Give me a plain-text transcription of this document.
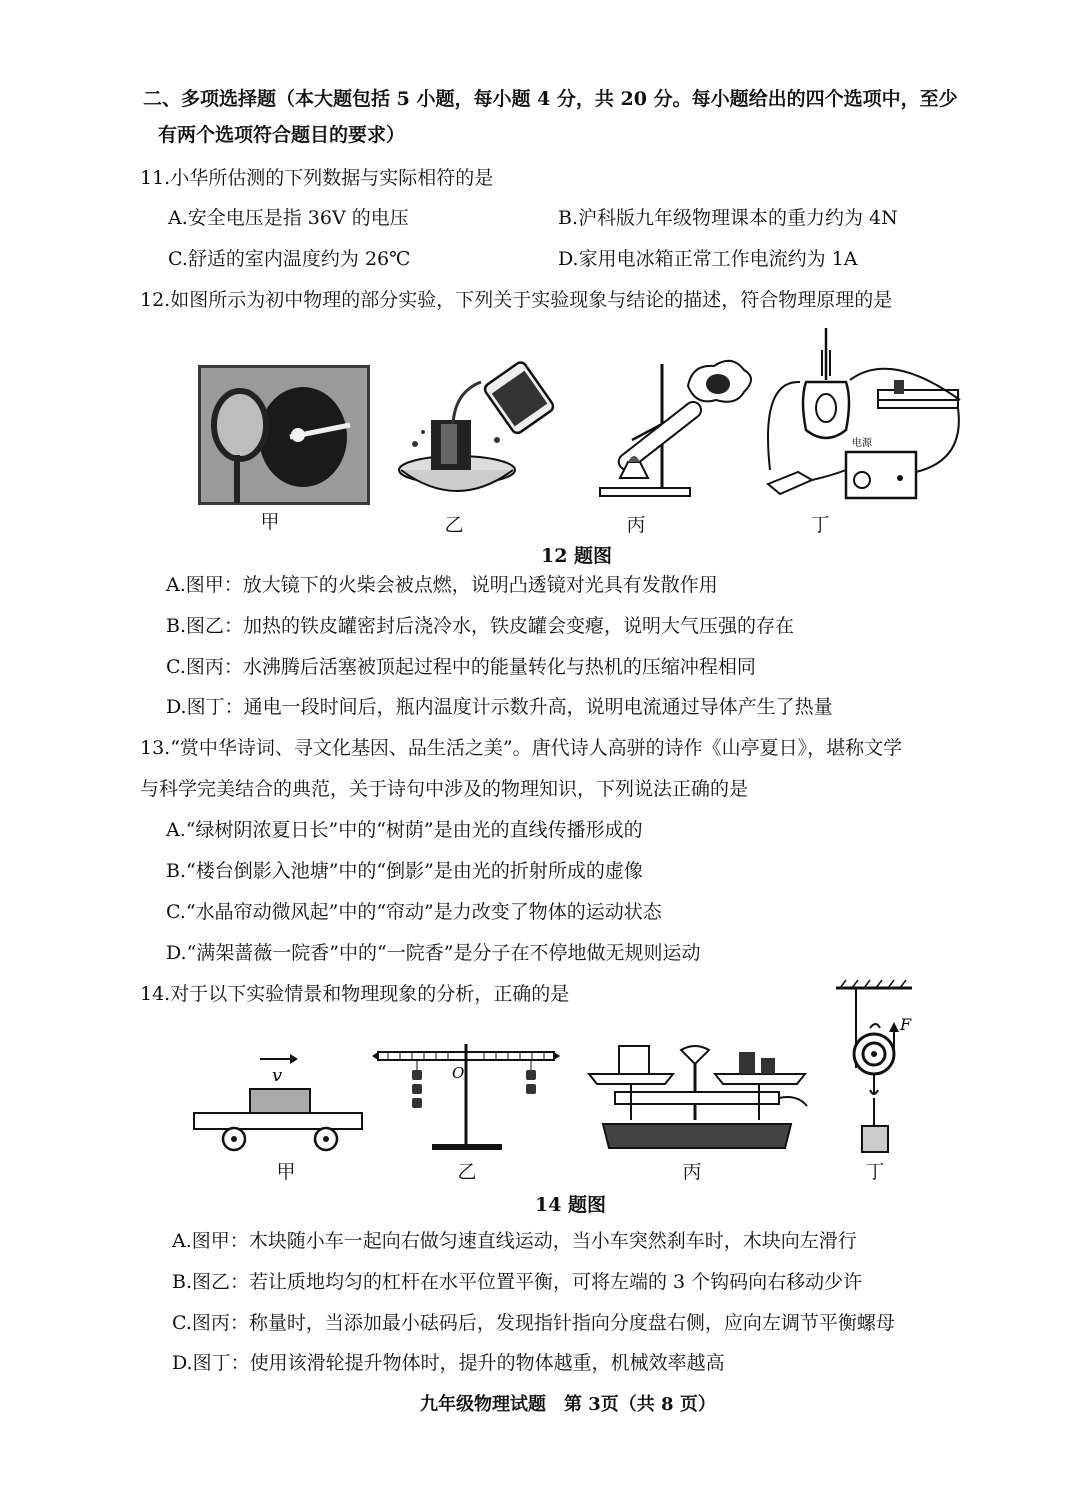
二、多项选择题（本大题包括 5 小题，每小题 4 分，共 20 分。每小题给出的四个选项中，至少
有两个选项符合题目的要求）
11.小华所估测的下列数据与实际相符的是
A.安全电压是指 36V 的电压	B.沪科版九年级物理课本的重力约为 4N
C.舒适的室内温度约为 26℃	D.家用电冰箱正常工作电流约为 1A
12.如图所示为初中物理的部分实验，下列关于实验现象与结论的描述，符合物理原理的是
电源
甲	乙	丙	丁
12 题图
A.图甲：放大镜下的火柴会被点燃，说明凸透镜对光具有发散作用
B.图乙：加热的铁皮罐密封后浇冷水，铁皮罐会变瘪，说明大气压强的存在
C.图丙：水沸腾后活塞被顶起过程中的能量转化与热机的压缩冲程相同
D.图丁：通电一段时间后，瓶内温度计示数升高，说明电流通过导体产生了热量
13.“赏中华诗词、寻文化基因、品生活之美”。唐代诗人高骈的诗作《山亭夏日》，堪称文学
与科学完美结合的典范，关于诗句中涉及的物理知识，下列说法正确的是
A.“绿树阴浓夏日长”中的“树荫”是由光的直线传播形成的
B.“楼台倒影入池塘”中的“倒影”是由光的折射所成的虚像
C.“水晶帘动微风起”中的“帘动”是力改变了物体的运动状态
D.“满架蔷薇一院香”中的“一院香”是分子在不停地做无规则运动
14.对于以下实验情景和物理现象的分析，正确的是
v	O
F
甲	乙	丙	丁
14 题图
A.图甲：木块随小车一起向右做匀速直线运动，当小车突然刹车时，木块向左滑行
B.图乙：若让质地均匀的杠杆在水平位置平衡，可将左端的 3 个钩码向右移动少许
C.图丙：称量时，当添加最小砝码后，发现指针指向分度盘右侧，应向左调节平衡螺母
D.图丁：使用该滑轮提升物体时，提升的物体越重，机械效率越高
九年级物理试题　第 3页（共 8 页）
